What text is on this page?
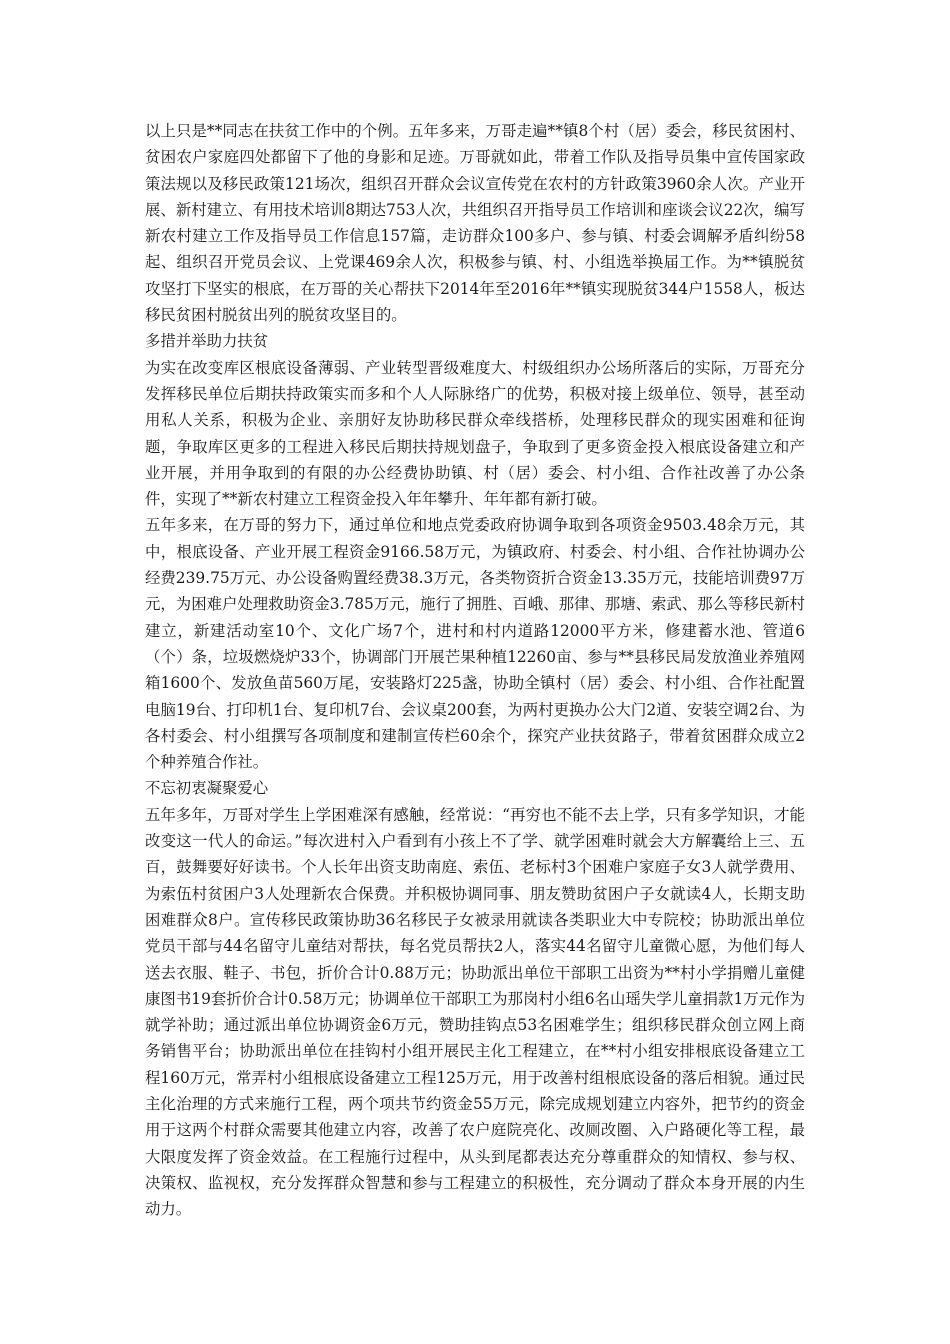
以上只是**同志在扶贫工作中的个例。五年多来，万哥走遍**镇8个村（居）委会，移民贫困村、贫困农户家庭四处都留下了他的身影和足迹。万哥就如此，带着工作队及指导员集中宣传国家政策法规以及移民政策121场次，组织召开群众会议宣传党在农村的方针政策3960余人次。产业开展、新村建立、有用技术培训8期达753人次，共组织召开指导员工作培训和座谈会议22次，编写新农村建立工作及指导员工作信息157篇，走访群众100多户、参与镇、村委会调解矛盾纠纷58起、组织召开党员会议、上党课469余人次，积极参与镇、村、小组选举换届工作。为**镇脱贫攻坚打下坚实的根底，在万哥的关心帮扶下2014年至2016年**镇实现脱贫344户1558人，板达移民贫困村脱贫出列的脱贫攻坚目的。

多措并举助力扶贫

为实在改变库区根底设备薄弱、产业转型晋级难度大、村级组织办公场所落后的实际，万哥充分发挥移民单位后期扶持政策实而多和个人人际脉络广的优势，积极对接上级单位、领导，甚至动用私人关系，积极为企业、亲朋好友协助移民群众牵线搭桥，处理移民群众的现实困难和征询题，争取库区更多的工程进入移民后期扶持规划盘子，争取到了更多资金投入根底设备建立和产业开展，并用争取到的有限的办公经费协助镇、村（居）委会、村小组、合作社改善了办公条件，实现了**新农村建立工程资金投入年年攀升、年年都有新打破。

五年多来，在万哥的努力下，通过单位和地点党委政府协调争取到各项资金9503.48余万元，其中，根底设备、产业开展工程资金9166.58万元，为镇政府、村委会、村小组、合作社协调办公经费239.75万元、办公设备购置经费38.3万元，各类物资折合资金13.35万元，技能培训费97万元，为困难户处理救助资金3.785万元，施行了拥胜、百峨、那律、那塘、索武、那么等移民新村建立，新建活动室10个、文化广场7个，进村和村内道路12000平方米，修建蓄水池、管道6（个）条，垃圾燃烧炉33个，协调部门开展芒果种植12260亩、参与**县移民局发放渔业养殖网箱1600个、发放鱼苗560万尾，安装路灯225盏，协助全镇村（居）委会、村小组、合作社配置电脑19台、打印机1台、复印机7台、会议桌200套，为两村更换办公大门2道、安装空调2台、为各村委会、村小组撰写各项制度和建制宣传栏60余个，探究产业扶贫路子，带着贫困群众成立2个种养殖合作社。

不忘初衷凝聚爱心

五年多年，万哥对学生上学困难深有感触，经常说：“再穷也不能不去上学，只有多学知识，才能改变这一代人的命运。”每次进村入户看到有小孩上不了学、就学困难时就会大方解囊给上三、五百，鼓舞要好好读书。个人长年出资支助南庭、索伍、老标村3个困难户家庭子女3人就学费用、为索伍村贫困户3人处理新农合保费。并积极协调同事、朋友赞助贫困户子女就读4人，长期支助困难群众8户。宣传移民政策协助36名移民子女被录用就读各类职业大中专院校；协助派出单位党员干部与44名留守儿童结对帮扶，每名党员帮扶2人，落实44名留守儿童微心愿，为他们每人送去衣服、鞋子、书包，折价合计0.88万元；协助派出单位干部职工出资为**村小学捐赠儿童健康图书19套折价合计0.58万元；协调单位干部职工为那岗村小组6名山瑶失学儿童捐款1万元作为就学补助；通过派出单位协调资金6万元，赞助挂钩点53名困难学生；组织移民群众创立网上商务销售平台；协助派出单位在挂钩村小组开展民主化工程建立，在**村小组安排根底设备建立工程160万元，常弄村小组根底设备建立工程125万元，用于改善村组根底设备的落后相貌。通过民主化治理的方式来施行工程，两个项共节约资金55万元，除完成规划建立内容外，把节约的资金用于这两个村群众需要其他建立内容，改善了农户庭院亮化、改厕改圈、入户路硬化等工程，最大限度发挥了资金效益。在工程施行过程中，从头到尾都表达充分尊重群众的知情权、参与权、决策权、监视权，充分发挥群众智慧和参与工程建立的积极性，充分调动了群众本身开展的内生动力。
